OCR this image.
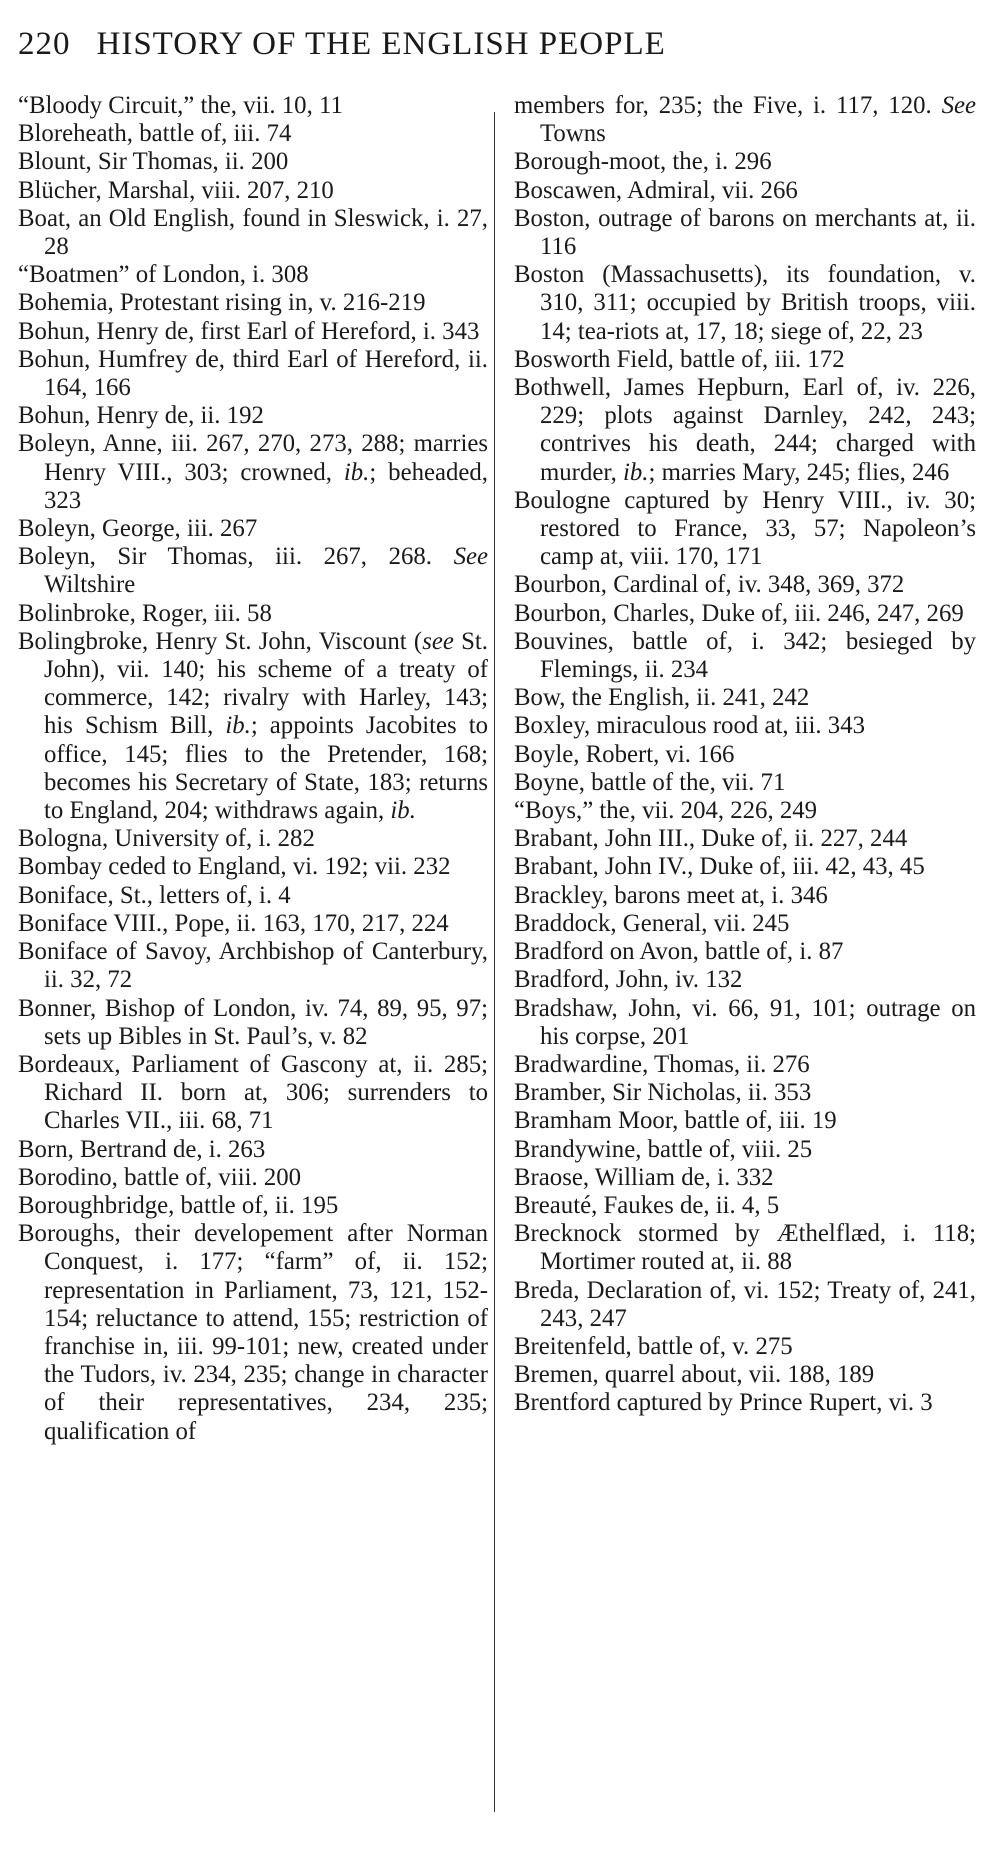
220 HISTORY OF THE ENGLISH PEOPLE

“Bloody Circuit,” the, vii. 10, 11

Bloreheath, battle of, iii. 74

Blount, Sir Thomas, ii. 200

Blücher, Marshal, viii. 207, 210

Boat, an Old English, found in Sleswick, i. 27, 28

“Boatmen” of London, i. 308

Bohemia, Protestant rising in, v. 216-219

Bohun, Henry de, first Earl of Hereford, i. 343

Bohun, Humfrey de, third Earl of Hereford, ii. 164, 166

Bohun, Henry de, ii. 192

Boleyn, Anne, iii. 267, 270, 273, 288; marries Henry VIII., 303; crowned, ib.; beheaded, 323

Boleyn, George, iii. 267

Boleyn, Sir Thomas, iii. 267, 268. See Wiltshire

Bolinbroke, Roger, iii. 58

Bolingbroke, Henry St. John, Viscount (see St. John), vii. 140; his scheme of a treaty of commerce, 142; rivalry with Harley, 143; his Schism Bill, ib.; appoints Jacobites to office, 145; flies to the Pretender, 168; becomes his Secretary of State, 183; returns to England, 204; withdraws again, ib.

Bologna, University of, i. 282

Bombay ceded to England, vi. 192; vii. 232

Boniface, St., letters of, i. 4

Boniface VIII., Pope, ii. 163, 170, 217, 224

Boniface of Savoy, Archbishop of Canterbury, ii. 32, 72

Bonner, Bishop of London, iv. 74, 89, 95, 97; sets up Bibles in St. Paul’s, v. 82

Bordeaux, Parliament of Gascony at, ii. 285; Richard II. born at, 306; surrenders to Charles VII., iii. 68, 71

Born, Bertrand de, i. 263

Borodino, battle of, viii. 200

Boroughbridge, battle of, ii. 195

Boroughs, their developement after Norman Conquest, i. 177; “farm” of, ii. 152; representation in Parliament, 73, 121, 152-154; reluctance to attend, 155; restriction of franchise in, iii. 99-101; new, created under the Tudors, iv. 234, 235; change in character of their representatives, 234, 235; qualification of

members for, 235; the Five, i. 117, 120. See Towns

Borough-moot, the, i. 296

Boscawen, Admiral, vii. 266

Boston, outrage of barons on merchants at, ii. 116

Boston (Massachusetts), its foundation, v. 310, 311; occupied by British troops, viii. 14; tea-riots at, 17, 18; siege of, 22, 23

Bosworth Field, battle of, iii. 172

Bothwell, James Hepburn, Earl of, iv. 226, 229; plots against Darnley, 242, 243; contrives his death, 244; charged with murder, ib.; marries Mary, 245; flies, 246

Boulogne captured by Henry VIII., iv. 30; restored to France, 33, 57; Napoleon’s camp at, viii. 170, 171

Bourbon, Cardinal of, iv. 348, 369, 372

Bourbon, Charles, Duke of, iii. 246, 247, 269

Bouvines, battle of, i. 342; besieged by Flemings, ii. 234

Bow, the English, ii. 241, 242

Boxley, miraculous rood at, iii. 343

Boyle, Robert, vi. 166

Boyne, battle of the, vii. 71

“Boys,” the, vii. 204, 226, 249

Brabant, John III., Duke of, ii. 227, 244

Brabant, John IV., Duke of, iii. 42, 43, 45

Brackley, barons meet at, i. 346

Braddock, General, vii. 245

Bradford on Avon, battle of, i. 87

Bradford, John, iv. 132

Bradshaw, John, vi. 66, 91, 101; outrage on his corpse, 201

Bradwardine, Thomas, ii. 276

Bramber, Sir Nicholas, ii. 353

Bramham Moor, battle of, iii. 19

Brandywine, battle of, viii. 25

Braose, William de, i. 332

Breauté, Faukes de, ii. 4, 5

Brecknock stormed by Æthelflæd, i. 118; Mortimer routed at, ii. 88

Breda, Declaration of, vi. 152; Treaty of, 241, 243, 247

Breitenfeld, battle of, v. 275

Bremen, quarrel about, vii. 188, 189

Brentford captured by Prince Rupert, vi. 3
